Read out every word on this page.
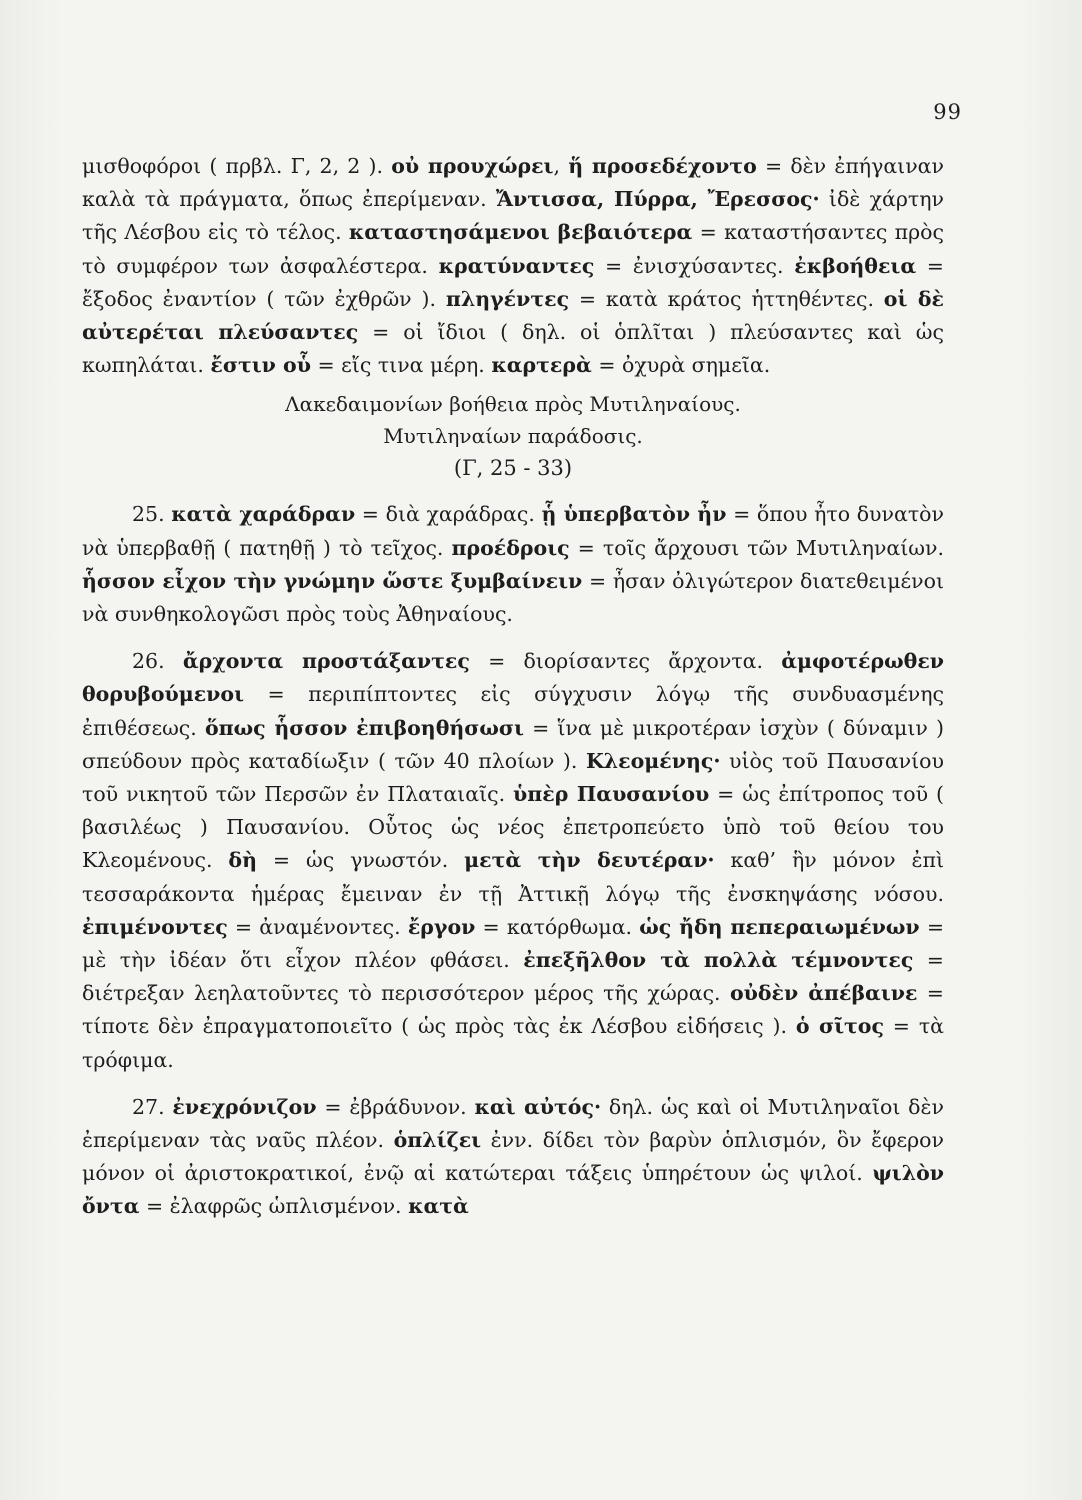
99

μισθοφόροι ( πρβλ. Γ, 2, 2 ). οὐ προυχώρει, ἥ προσεδέχοντο = δὲν ἐπήγαιναν καλὰ τὰ πράγματα, ὅπως ἐπερίμεναν. Ἄντισσα, Πύρρα, Ἔρεσσος· ἰδὲ χάρτην τῆς Λέσβου εἰς τὸ τέλος. καταστησάμενοι βεβαιότερα = καταστήσαντες πρὸς τὸ συμφέρον των ἀσφαλέστερα. κρατύναντες = ἐνισχύσαντες. ἐκβοήθεια = ἔξοδος ἐναντίον ( τῶν ἐχθρῶν ). πληγέντες = κατὰ κράτος ἡττηθέντες. οἱ δὲ αὐτερέται πλεύσαντες = οἱ ἴδιοι ( δηλ. οἱ ὁπλῖται ) πλεύσαντες καὶ ὡς κωπηλάται. ἔστιν οὗ = εἴς τινα μέρη. καρτερὰ = ὀχυρὰ σημεῖα.

Λακεδαιμονίων βοήθεια πρὸς Μυτιληναίους.

Μυτιληναίων παράδοσις.

(Γ, 25 - 33)

25. κατὰ χαράδραν = διὰ χαράδρας. ᾗ ὑπερβατὸν ἦν = ὅπου ἦτο δυνατὸν νὰ ὑπερβαθῇ ( πατηθῇ ) τὸ τεῖχος. προέδροις = τοῖς ἄρχουσι τῶν Μυτιληναίων. ἧσσον εἶχον τὴν γνώμην ὥστε ξυμβαίνειν = ἦσαν ὀλιγώτερον διατεθειμένοι νὰ συνθηκολογῶσι πρὸς τοὺς Ἀθηναίους.

26. ἄρχοντα προστάξαντες = διορίσαντες ἄρχοντα. ἀμφοτέρωθεν θορυβούμενοι = περιπίπτοντες εἰς σύγχυσιν λόγῳ τῆς συνδυασμένης ἐπιθέσεως. ὅπως ἧσσον ἐπιβοηθήσωσι = ἵνα μὲ μικροτέραν ἰσχὺν ( δύναμιν ) σπεύδουν πρὸς καταδίωξιν ( τῶν 40 πλοίων ). Κλεομένης· υἱὸς τοῦ Παυσανίου τοῦ νικητοῦ τῶν Περσῶν ἐν Πλαταιαῖς. ὑπὲρ Παυσανίου = ὡς ἐπίτροπος τοῦ ( βασιλέως ) Παυσανίου. Οὗτος ὡς νέος ἐπετροπεύετο ὑπὸ τοῦ θείου του Κλεομένους. δὴ = ὡς γνωστόν. μετὰ τὴν δευτέραν· καθ’ ἣν μόνον ἐπὶ τεσσαράκοντα ἡμέρας ἔμειναν ἐν τῇ Ἀττικῇ λόγῳ τῆς ἐνσκηψάσης νόσου. ἐπιμένοντες = ἀναμένοντες. ἔργον = κατόρθωμα. ὡς ἤδη πεπεραιωμένων = μὲ τὴν ἰδέαν ὅτι εἶχον πλέον φθάσει. ἐπεξῆλθον τὰ πολλὰ τέμνοντες = διέτρεξαν λεηλατοῦντες τὸ περισσότερον μέρος τῆς χώρας. οὐδὲν ἀπέβαινε = τίποτε δὲν ἐπραγματοποιεῖτο ( ὡς πρὸς τὰς ἐκ Λέσβου εἰδήσεις ). ὁ σῖτος = τὰ τρόφιμα.

27. ἐνεχρόνιζον = ἐβράδυνον. καὶ αὐτός· δηλ. ὡς καὶ οἱ Μυτιληναῖοι δὲν ἐπερίμεναν τὰς ναῦς πλέον. ὁπλίζει ἐνν. δίδει τὸν βαρὺν ὁπλισμόν, ὃν ἔφερον μόνον οἱ ἀριστοκρατικοί, ἐνῷ αἱ κατώτεραι τάξεις ὑπηρέτουν ὡς ψιλοί. ψιλὸν ὄντα = ἐλαφρῶς ὡπλισμένον. κατὰ
